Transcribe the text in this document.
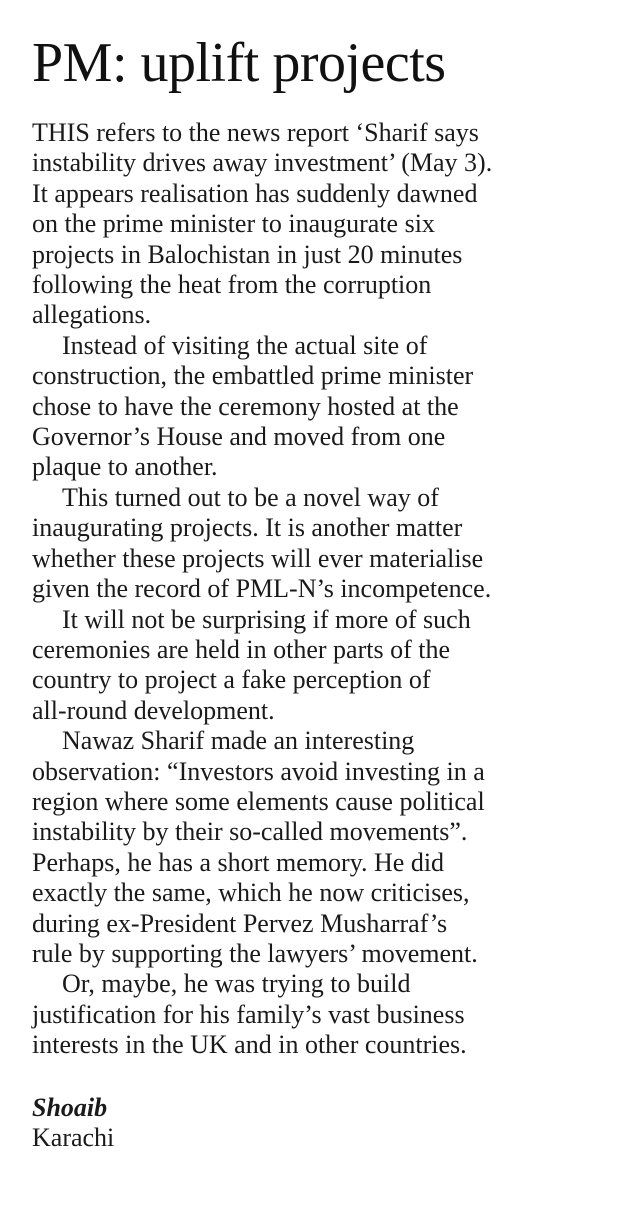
PM: uplift projects

THIS refers to the news report ‘Sharif says
instability drives away investment’ (May 3).
It appears realisation has suddenly dawned
on the prime minister to inaugurate six
projects in Balochistan in just 20 minutes
following the heat from the corruption
allegations.

Instead of visiting the actual site of
construction, the embattled prime minister
chose to have the ceremony hosted at the
Governor’s House and moved from one
plaque to another.

This turned out to be a novel way of
inaugurating projects. It is another matter
whether these projects will ever materialise
given the record of PML-N’s incompetence.

It will not be surprising if more of such
ceremonies are held in other parts of the
country to project a fake perception of
all-round development.

Nawaz Sharif made an interesting
observation: “Investors avoid investing in a
region where some elements cause political
instability by their so-called movements”.
Perhaps, he has a short memory. He did
exactly the same, which he now criticises,
during ex-President Pervez Musharraf’s
rule by supporting the lawyers’ movement.

Or, maybe, he was trying to build
justification for his family’s vast business
interests in the UK and in other countries.

Shoaib
Karachi
